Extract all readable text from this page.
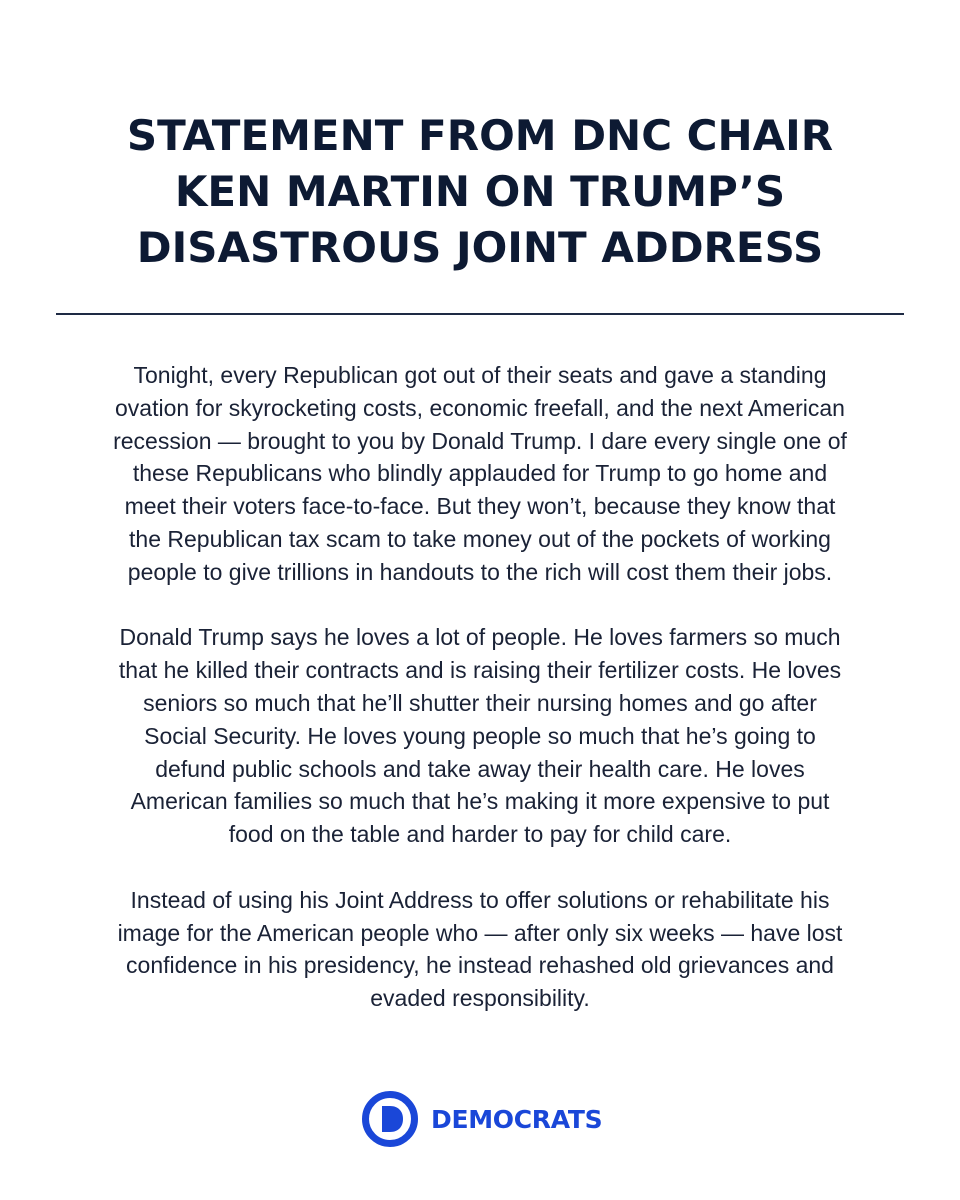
STATEMENT FROM DNC CHAIR
KEN MARTIN ON TRUMP’S
DISASTROUS JOINT ADDRESS

Tonight, every Republican got out of their seats and gave a standing
ovation for skyrocketing costs, economic freefall, and the next American
recession — brought to you by Donald Trump. I dare every single one of
these Republicans who blindly applauded for Trump to go home and
meet their voters face-to-face. But they won’t, because they know that
the Republican tax scam to take money out of the pockets of working
people to give trillions in handouts to the rich will cost them their jobs.

Donald Trump says he loves a lot of people. He loves farmers so much
that he killed their contracts and is raising their fertilizer costs. He loves
seniors so much that he’ll shutter their nursing homes and go after
Social Security. He loves young people so much that he’s going to
defund public schools and take away their health care. He loves
American families so much that he’s making it more expensive to put
food on the table and harder to pay for child care.

Instead of using his Joint Address to offer solutions or rehabilitate his
image for the American people who — after only six weeks — have lost
confidence in his presidency, he instead rehashed old grievances and
evaded responsibility.

DEMOCRATS
